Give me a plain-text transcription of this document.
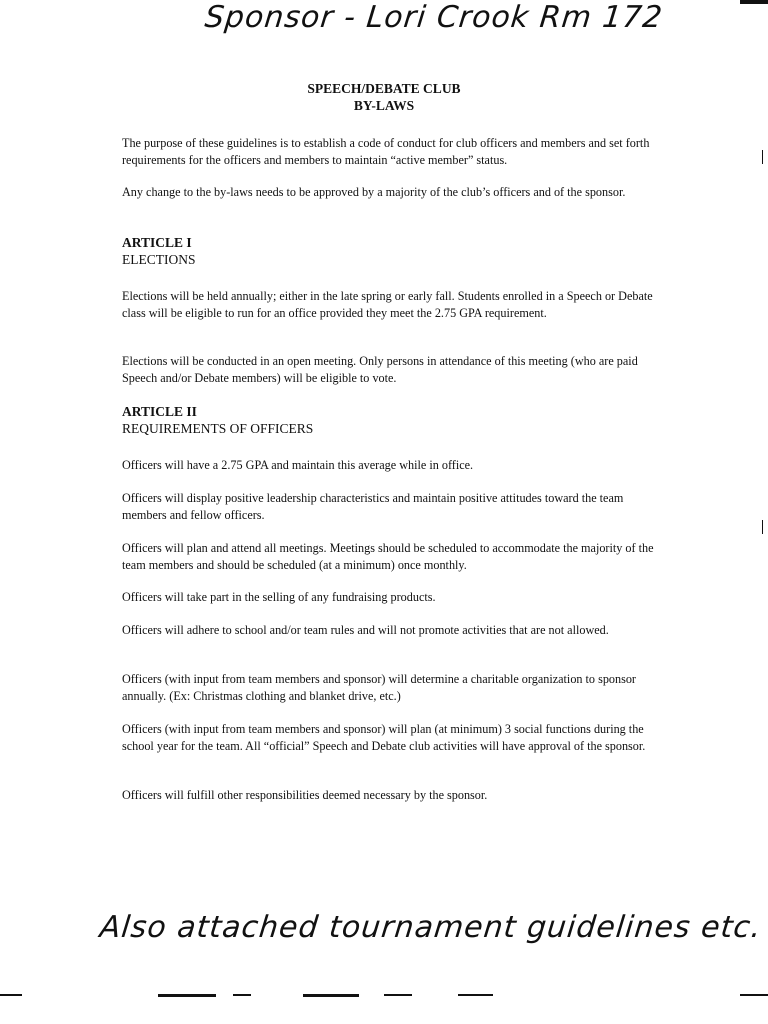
Sponsor - Lori Crook Rm 172
SPEECH/DEBATE CLUB
BY-LAWS

The purpose of these guidelines is to establish a code of conduct for club officers and members and set forth requirements for the officers and members to maintain “active member” status.

Any change to the by-laws needs to be approved by a majority of the club’s officers and of the sponsor.

ARTICLE I

ELECTIONS

Elections will be held annually; either in the late spring or early fall. Students enrolled in a Speech or Debate class will be eligible to run for an office provided they meet the 2.75 GPA requirement.

Elections will be conducted in an open meeting. Only persons in attendance of this meeting (who are paid Speech and/or Debate members) will be eligible to vote.

ARTICLE II

REQUIREMENTS OF OFFICERS

Officers will have a 2.75 GPA and maintain this average while in office.

Officers will display positive leadership characteristics and maintain positive attitudes toward the team members and fellow officers.

Officers will plan and attend all meetings. Meetings should be scheduled to accommodate the majority of the team members and should be scheduled (at a minimum) once monthly.

Officers will take part in the selling of any fundraising products.

Officers will adhere to school and/or team rules and will not promote activities that are not allowed.

Officers (with input from team members and sponsor) will determine a charitable organization to sponsor annually. (Ex: Christmas clothing and blanket drive, etc.)

Officers (with input from team members and sponsor) will plan (at minimum) 3 social functions during the school year for the team. All “official” Speech and Debate club activities will have approval of the sponsor.

Officers will fulfill other responsibilities deemed necessary by the sponsor.

Also attached tournament guidelines etc.
